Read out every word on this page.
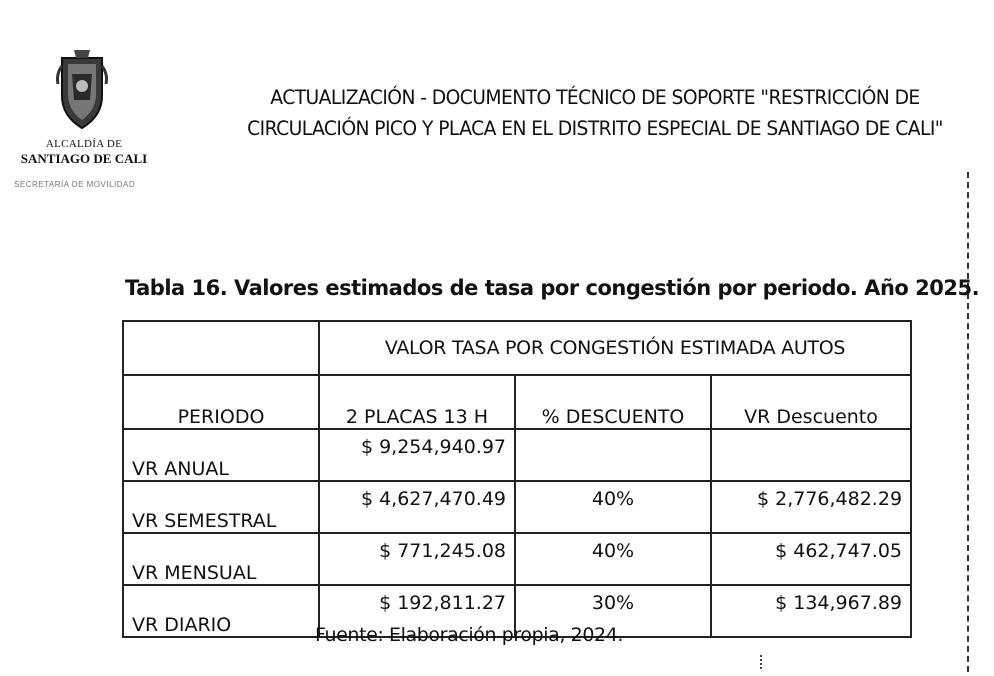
ALCALDÍA DE
SANTIAGO DE CALI
SECRETARÍA DE MOVILIDAD
ACTUALIZACIÓN - DOCUMENTO TÉCNICO DE SOPORTE "RESTRICCIÓN DE
CIRCULACIÓN PICO Y PLACA EN EL DISTRITO ESPECIAL DE SANTIAGO DE CALI"
Tabla 16. Valores estimados de tasa por congestión por periodo. Año 2025.
	VALOR TASA POR CONGESTIÓN ESTIMADA AUTOS		
PERIODO	2 PLACAS 13 H	% DESCUENTO	VR Descuento
VR ANUAL	$ 9,254,940.97		
VR SEMESTRAL	$ 4,627,470.49	40%	$ 2,776,482.29
VR MENSUAL	$ 771,245.08	40%	$ 462,747.05
VR DIARIO	$ 192,811.27	30%	$ 134,967.89
Fuente: Elaboración propia, 2024.
